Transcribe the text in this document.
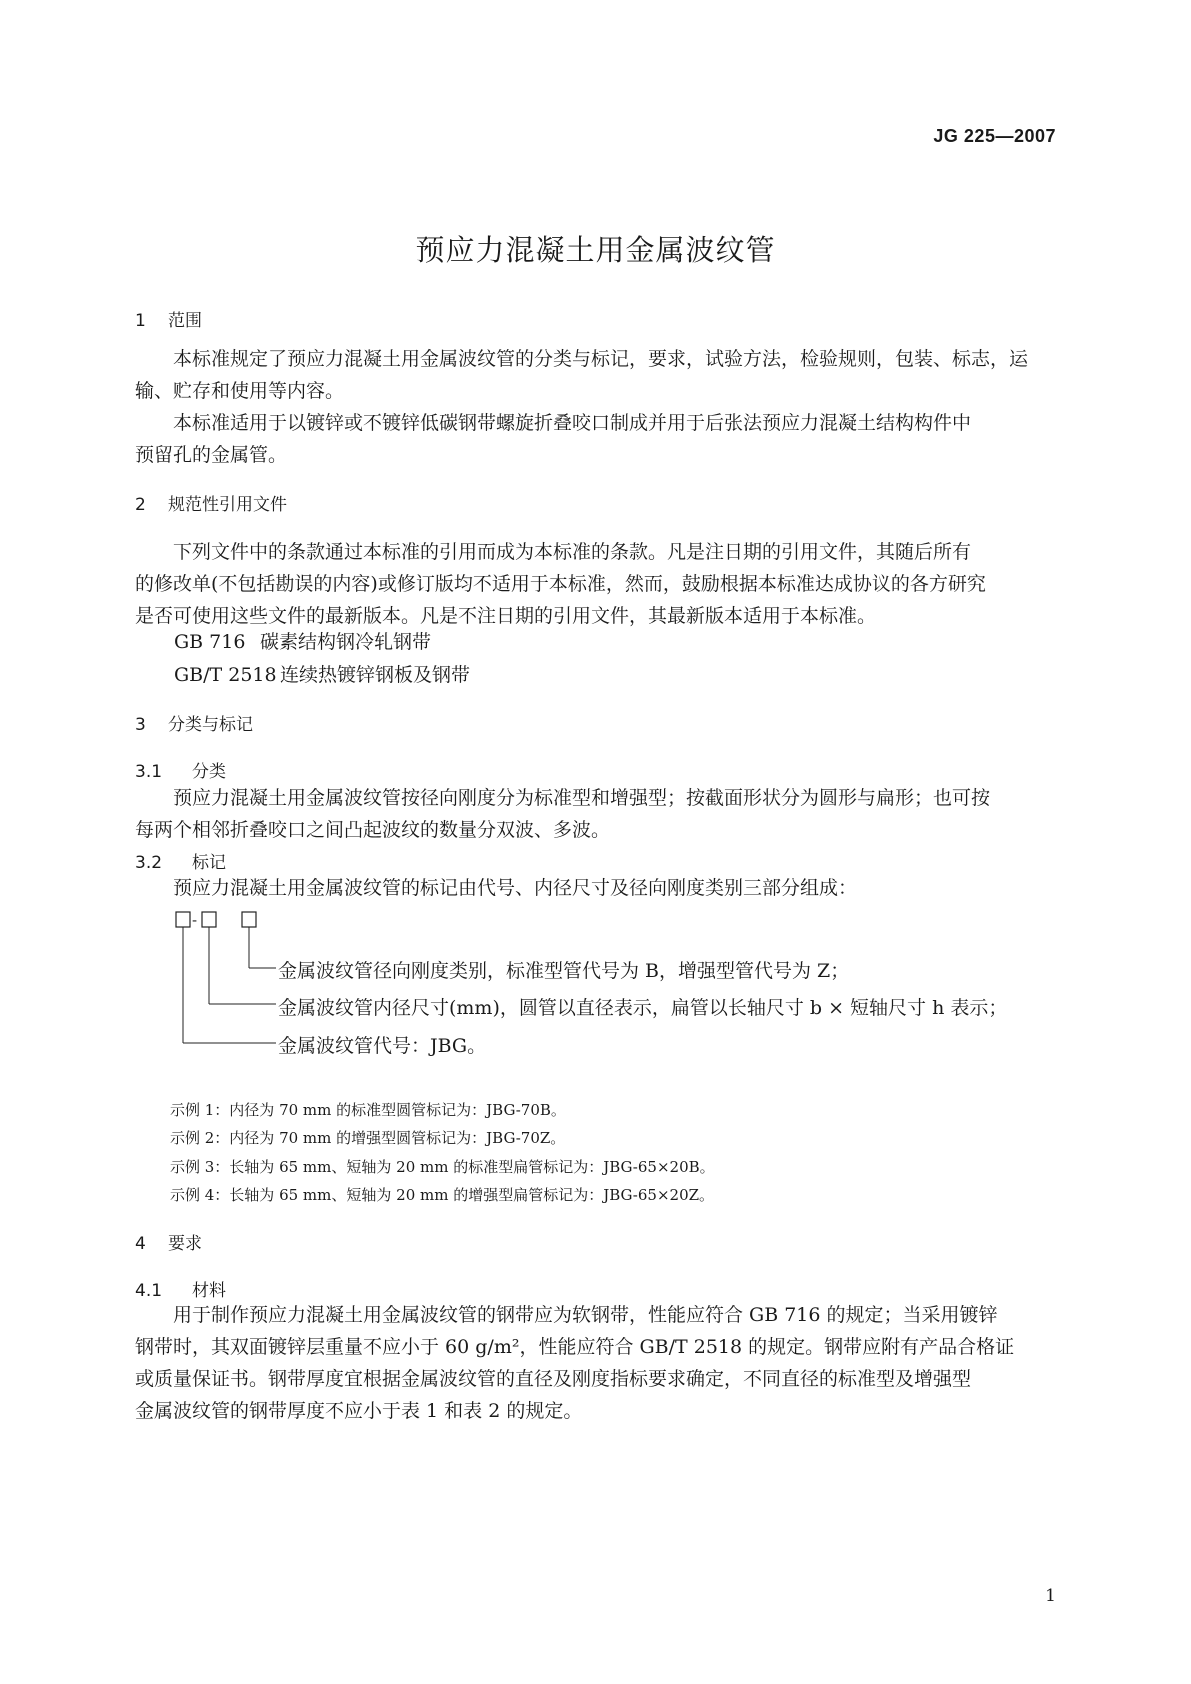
JG 225—2007
预应力混凝土用金属波纹管
1 范围
本标准规定了预应力混凝土用金属波纹管的分类与标记，要求，试验方法，检验规则，包装、标志，运
输、贮存和使用等内容。
本标准适用于以镀锌或不镀锌低碳钢带螺旋折叠咬口制成并用于后张法预应力混凝土结构构件中
预留孔的金属管。
2 规范性引用文件
下列文件中的条款通过本标准的引用而成为本标准的条款。凡是注日期的引用文件，其随后所有
的修改单(不包括勘误的内容)或修订版均不适用于本标准，然而，鼓励根据本标准达成协议的各方研究
是否可使用这些文件的最新版本。凡是不注日期的引用文件，其最新版本适用于本标准。
GB 716 碳素结构钢冷轧钢带
GB/T 2518 连续热镀锌钢板及钢带
3 分类与标记
3.1 分类
预应力混凝土用金属波纹管按径向刚度分为标准型和增强型；按截面形状分为圆形与扁形；也可按
每两个相邻折叠咬口之间凸起波纹的数量分双波、多波。
3.2 标记
预应力混凝土用金属波纹管的标记由代号、内径尺寸及径向刚度类别三部分组成：
-
金属波纹管径向刚度类别，标准型管代号为 B，增强型管代号为 Z；
金属波纹管内径尺寸(mm)，圆管以直径表示，扁管以长轴尺寸 b × 短轴尺寸 h 表示；
金属波纹管代号：JBG。
示例 1：内径为 70 mm 的标准型圆管标记为：JBG-70B。
示例 2：内径为 70 mm 的增强型圆管标记为：JBG-70Z。
示例 3：长轴为 65 mm、短轴为 20 mm 的标准型扁管标记为：JBG-65×20B。
示例 4：长轴为 65 mm、短轴为 20 mm 的增强型扁管标记为：JBG-65×20Z。
4 要求
4.1 材料
用于制作预应力混凝土用金属波纹管的钢带应为软钢带，性能应符合 GB 716 的规定；当采用镀锌
钢带时，其双面镀锌层重量不应小于 60 g/m²，性能应符合 GB/T 2518 的规定。钢带应附有产品合格证
或质量保证书。钢带厚度宜根据金属波纹管的直径及刚度指标要求确定，不同直径的标准型及增强型
金属波纹管的钢带厚度不应小于表 1 和表 2 的规定。
1
